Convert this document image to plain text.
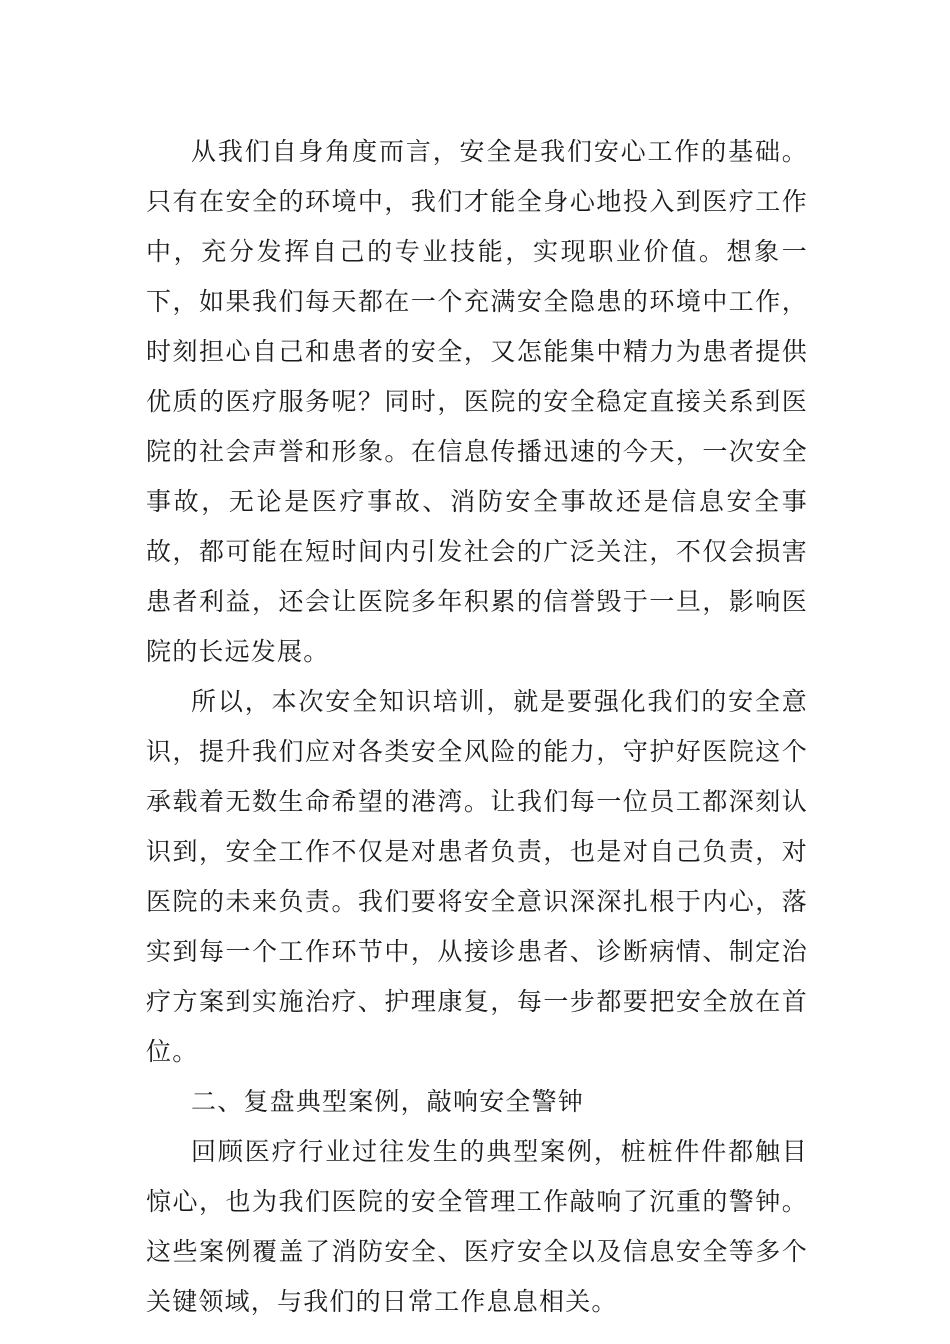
从我们自身角度而言，安全是我们安心工作的基础。只有在安全的环境中，我们才能全身心地投入到医疗工作中，充分发挥自己的专业技能，实现职业价值。想象一下，如果我们每天都在一个充满安全隐患的环境中工作，时刻担心自己和患者的安全，又怎能集中精力为患者提供优质的医疗服务呢？同时，医院的安全稳定直接关系到医院的社会声誉和形象。在信息传播迅速的今天，一次安全事故，无论是医疗事故、消防安全事故还是信息安全事故，都可能在短时间内引发社会的广泛关注，不仅会损害患者利益，还会让医院多年积累的信誉毁于一旦，影响医院的长远发展。

所以，本次安全知识培训，就是要强化我们的安全意识，提升我们应对各类安全风险的能力，守护好医院这个承载着无数生命希望的港湾。让我们每一位员工都深刻认识到，安全工作不仅是对患者负责，也是对自己负责，对医院的未来负责。我们要将安全意识深深扎根于内心，落实到每一个工作环节中，从接诊患者、诊断病情、制定治疗方案到实施治疗、护理康复，每一步都要把安全放在首位。

二、复盘典型案例，敲响安全警钟

回顾医疗行业过往发生的典型案例，桩桩件件都触目惊心，也为我们医院的安全管理工作敲响了沉重的警钟。这些案例覆盖了消防安全、医疗安全以及信息安全等多个关键领域，与我们的日常工作息息相关。
